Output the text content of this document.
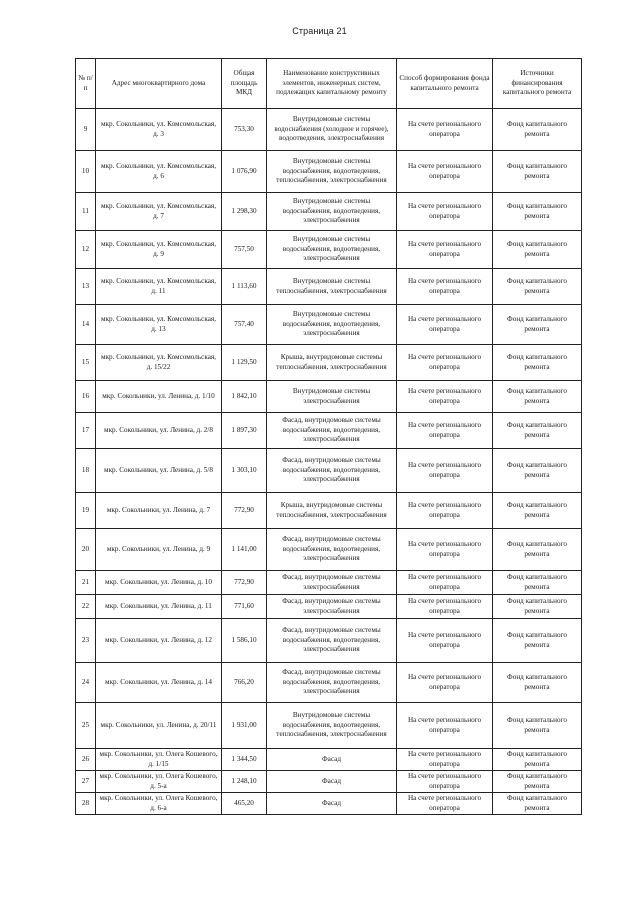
Страница 21
№ п/п	Адрес многоквартирного дома	Общая площадь МКД	Наименование конструктивных элементов, инженерных систем, подлежащих капитальному ремонту	Способ формирования фонда капитального ремонта	Источники финансирования капитального ремонта
9	мкр. Сокольники, ул. Комсомольская, д. 3	753,30	Внутридомовые системы водоснабжения (холодное и горячее), водоотведения, электроснабжения	На счете регионального оператора	Фонд капитального ремонта
10	мкр. Сокольники, ул. Комсомольская, д. 6	1 076,90	Внутридомовые системы водоснабжения, водоотведения, теплоснабжения, электроснабжения	На счете регионального оператора	Фонд капитального ремонта
11	мкр. Сокольники, ул. Комсомольская, д. 7	1 298,30	Внутридомовые системы водоснабжения, водоотведения, электроснабжения	На счете регионального оператора	Фонд капитального ремонта
12	мкр. Сокольники, ул. Комсомольская, д. 9	757,50	Внутридомовые системы водоснабжения, водоотведения, электроснабжения	На счете регионального оператора	Фонд капитального ремонта
13	мкр. Сокольники, ул. Комсомольская, д. 11	1 113,60	Внутридомовые системы теплоснабжения, электроснабжения	На счете регионального оператора	Фонд капитального ремонта
14	мкр. Сокольники, ул. Комсомольская, д. 13	757,40	Внутридомовые системы водоснабжения, водоотведения, электроснабжения	На счете регионального оператора	Фонд капитального ремонта
15	мкр. Сокольники, ул. Комсомольская, д. 15/22	1 129,50	Крыша, внутридомовые системы теплоснабжения, электроснабжения	На счете регионального оператора	Фонд капитального ремонта
16	мкр. Сокольники, ул. Ленина, д. 1/10	1 842,10	Внутридомовые системы электроснабжения	На счете регионального оператора	Фонд капитального ремонта
17	мкр. Сокольники, ул. Ленина, д. 2/8	1 897,30	Фасад, внутридомовые системы водоснабжения, водоотведения, электроснабжения	На счете регионального оператора	Фонд капитального ремонта
18	мкр. Сокольники, ул. Ленина, д. 5/8	1 303,10	Фасад, внутридомовые системы водоснабжения, водоотведения, электроснабжения	На счете регионального оператора	Фонд капитального ремонта
19	мкр. Сокольники, ул. Ленина, д. 7	772,90	Крыша, внутридомовые системы теплоснабжения, электроснабжения	На счете регионального оператора	Фонд капитального ремонта
20	мкр. Сокольники, ул. Ленина, д. 9	1 141,00	Фасад, внутридомовые системы водоснабжения, водоотведения, электроснабжения	На счете регионального оператора	Фонд капитального ремонта
21	мкр. Сокольники, ул. Ленина, д. 10	772,90	Фасад, внутридомовые системы электроснабжения	На счете регионального оператора	Фонд капитального ремонта
22	мкр. Сокольники, ул. Ленина, д. 11	771,60	Фасад, внутридомовые системы электроснабжения	На счете регионального оператора	Фонд капитального ремонта
23	мкр. Сокольники, ул. Ленина, д. 12	1 586,10	Фасад, внутридомовые системы водоснабжения, водоотведения, электроснабжения	На счете регионального оператора	Фонд капитального ремонта
24	мкр. Сокольники, ул. Ленина, д. 14	766,20	Фасад, внутридомовые системы водоснабжения, водоотведения, электроснабжения	На счете регионального оператора	Фонд капитального ремонта
25	мкр. Сокольники, ул. Ленина, д. 20/11	1 931,00	Внутридомовые системы водоснабжения, водоотведения, теплоснабжения, электроснабжения	На счете регионального оператора	Фонд капитального ремонта
26	мкр. Сокольники, ул. Олега Кошевого, д. 1/15	1 344,50	Фасад	На счете регионального оператора	Фонд капитального ремонта
27	мкр. Сокольники, ул. Олега Кошевого, д. 5-а	1 248,10	Фасад	На счете регионального оператора	Фонд капитального ремонта
28	мкр. Сокольники, ул. Олега Кошевого, д. 6-а	465,20	Фасад	На счете регионального оператора	Фонд капитального ремонта
